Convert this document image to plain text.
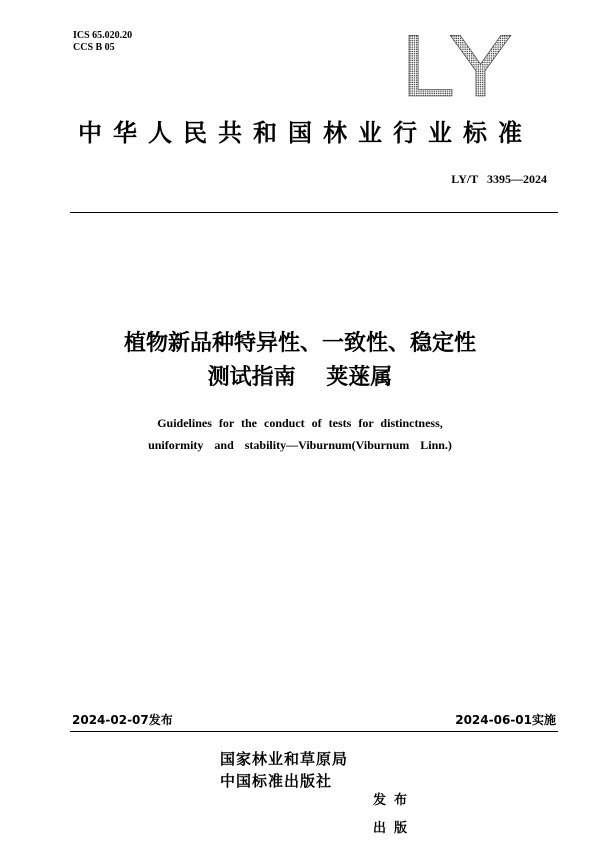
ICS 65.020.20
CCS B 05	LY
中华人民共和国林业行业标准
LY/T   3395—2024
植物新品种特异性、一致性、稳定性
测试指南    荚蒾属
Guidelines for the conduct of tests for distinctness,
uniformity and stability—Viburnum(Viburnum Linn.)
2024-02-07发布	2024-06-01实施
国家林业和草原局
中国标准出版社
发布
出版
